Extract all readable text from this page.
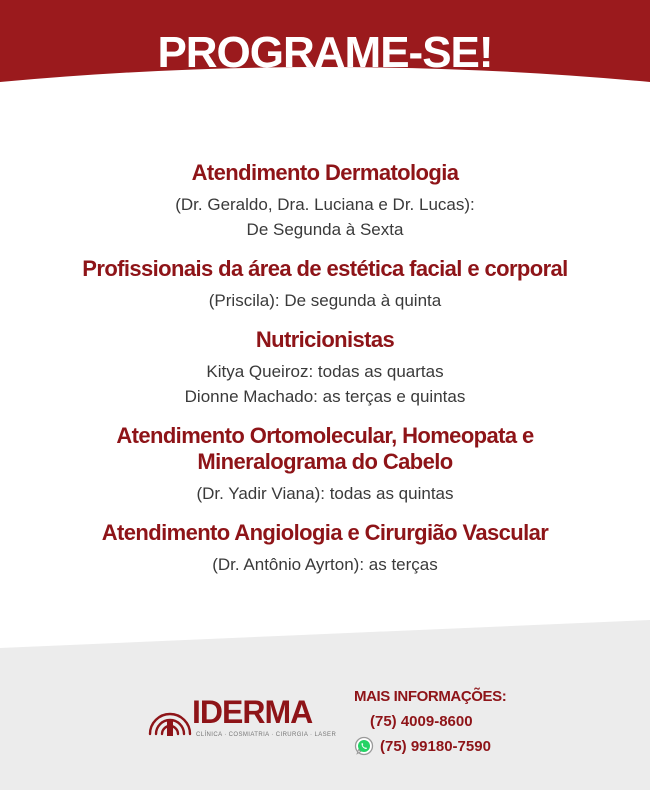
PROGRAME-SE!
Atendimento Dermatologia
(Dr. Geraldo, Dra. Luciana e Dr. Lucas):
De Segunda à Sexta
Profissionais da área de estética facial e corporal
(Priscila): De segunda à quinta
Nutricionistas
Kitya Queiroz: todas as quartas
Dionne Machado: as terças e quintas
Atendimento Ortomolecular, Homeopata e
Mineralograma do Cabelo
(Dr. Yadir Viana): todas as quintas
Atendimento Angiologia e Cirurgião Vascular
(Dr. Antônio Ayrton): as terças
IDERMA
CLÍNICA · COSMIATRIA · CIRURGIA · LASER
MAIS INFORMAÇÕES:
(75) 4009-8600
(75) 99180-7590
